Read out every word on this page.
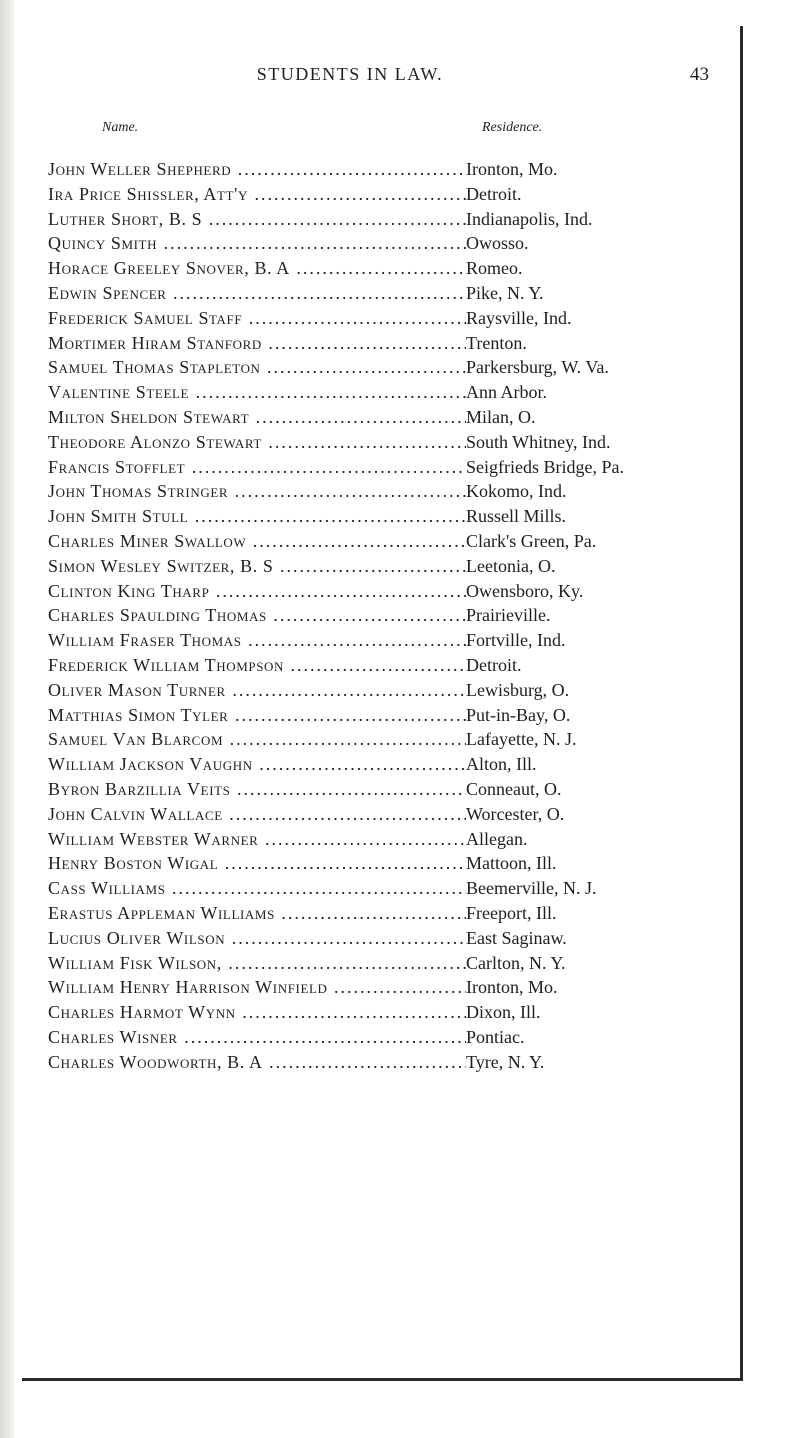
STUDENTS IN LAW.	43
Name.	Residence.
John Weller Shepherd .....	Ironton, Mo.
Ira Price Shissler, Att'y .....	Detroit.
Luther Short, B. S .....	Indianapolis, Ind.
Quincy Smith .....	Owosso.
Horace Greeley Snover, B. A .....	Romeo.
Edwin Spencer .....	Pike, N. Y.
Frederick Samuel Staff .....	Raysville, Ind.
Mortimer Hiram Stanford .....	Trenton.
Samuel Thomas Stapleton .....	Parkersburg, W. Va.
Valentine Steele .....	Ann Arbor.
Milton Sheldon Stewart .....	Milan, O.
Theodore Alonzo Stewart .....	South Whitney, Ind.
Francis Stofflet .....	Seigfrieds Bridge, Pa.
John Thomas Stringer .....	Kokomo, Ind.
John Smith Stull .....	Russell Mills.
Charles Miner Swallow .....	Clark's Green, Pa.
Simon Wesley Switzer, B. S .....	Leetonia, O.
Clinton King Tharp .....	Owensboro, Ky.
Charles Spaulding Thomas .....	Prairieville.
William Fraser Thomas .....	Fortville, Ind.
Frederick William Thompson .....	Detroit.
Oliver Mason Turner .....	Lewisburg, O.
Matthias Simon Tyler .....	Put-in-Bay, O.
Samuel Van Blarcom .....	Lafayette, N. J.
William Jackson Vaughn .....	Alton, Ill.
Byron Barzillia Veits .....	Conneaut, O.
John Calvin Wallace .....	Worcester, O.
William Webster Warner .....	Allegan.
Henry Boston Wigal .....	Mattoon, Ill.
Cass Williams .....	Beemerville, N. J.
Erastus Appleman Williams .....	Freeport, Ill.
Lucius Oliver Wilson .....	East Saginaw.
William Fisk Wilson, .....	Carlton, N. Y.
William Henry Harrison Winfield .....	Ironton, Mo.
Charles Harmot Wynn .....	Dixon, Ill.
Charles Wisner .....	Pontiac.
Charles Woodworth, B. A .....	Tyre, N. Y.
